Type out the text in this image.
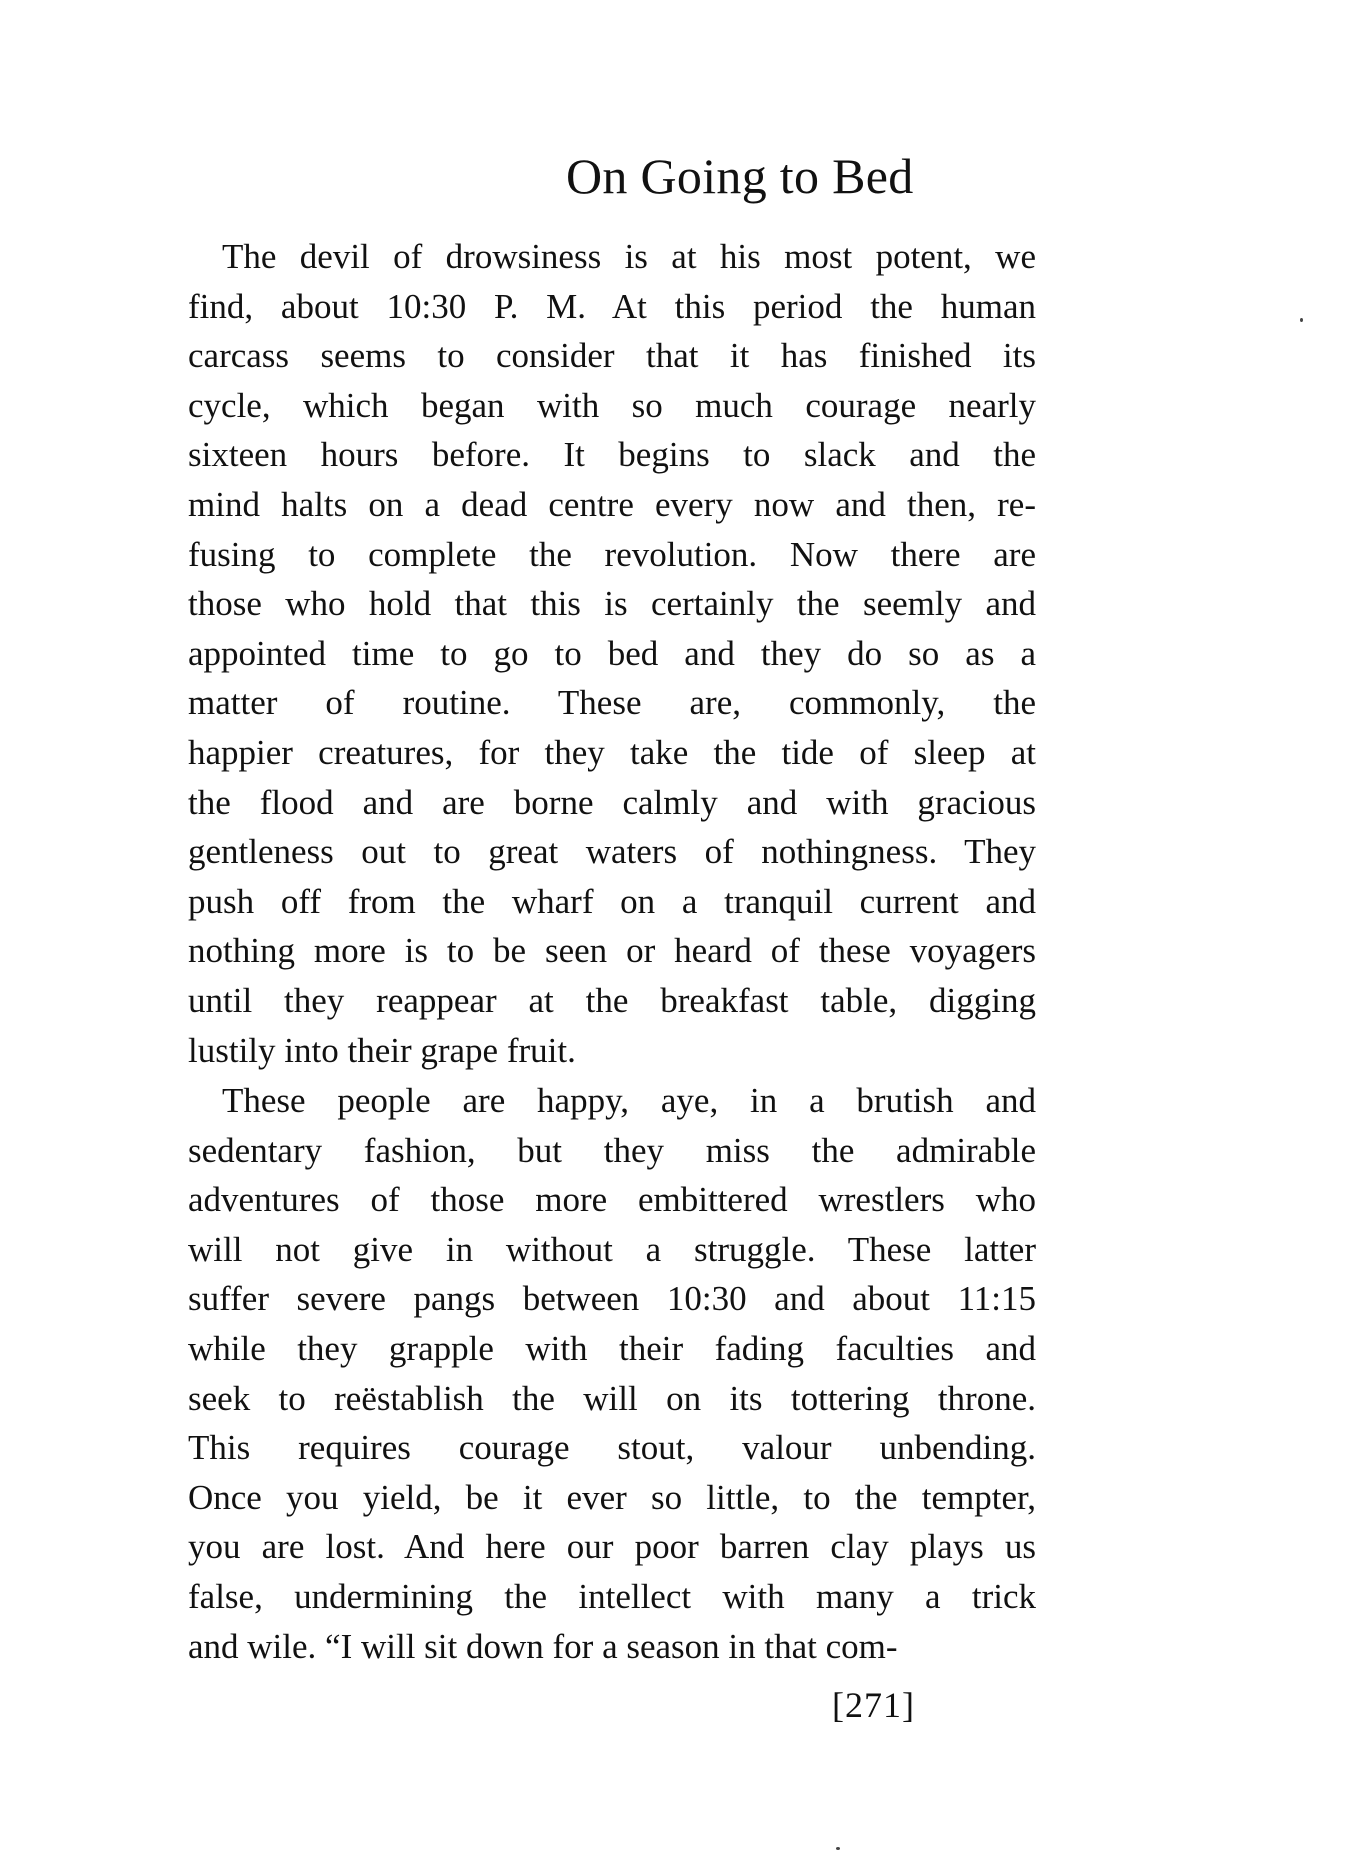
On Going to Bed
The devil of drowsiness is at his most potent, we
find, about 10:30 P. M. At this period the human
carcass seems to consider that it has finished its
cycle, which began with so much courage nearly
sixteen hours before. It begins to slack and the
mind halts on a dead centre every now and then, re-
fusing to complete the revolution. Now there are
those who hold that this is certainly the seemly and
appointed time to go to bed and they do so as a
matter of routine. These are, commonly, the
happier creatures, for they take the tide of sleep at
the flood and are borne calmly and with gracious
gentleness out to great waters of nothingness. They
push off from the wharf on a tranquil current and
nothing more is to be seen or heard of these voyagers
until they reappear at the breakfast table, digging
lustily into their grape fruit.
These people are happy, aye, in a brutish and
sedentary fashion, but they miss the admirable
adventures of those more embittered wrestlers who
will not give in without a struggle. These latter
suffer severe pangs between 10:30 and about 11:15
while they grapple with their fading faculties and
seek to reëstablish the will on its tottering throne.
This requires courage stout, valour unbending.
Once you yield, be it ever so little, to the tempter,
you are lost. And here our poor barren clay plays us
false, undermining the intellect with many a trick
and wile. “I will sit down for a season in that com-
[271]
